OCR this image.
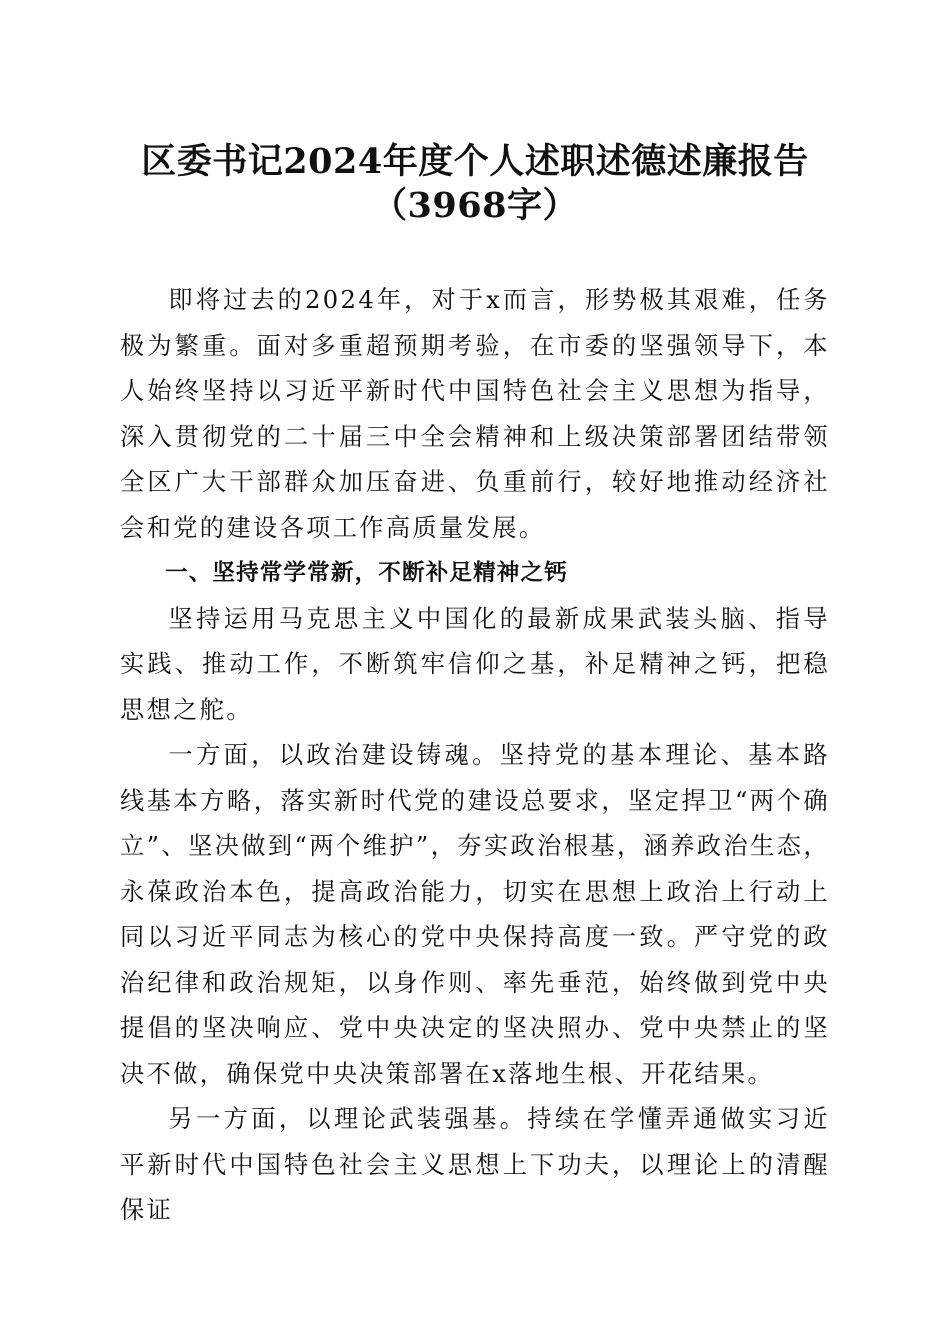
区委书记2024年度个人述职述德述廉报告
（3968字）

即将过去的2024年，对于x而言，形势极其艰难，任务极为繁重。面对多重超预期考验，在市委的坚强领导下，本人始终坚持以习近平新时代中国特色社会主义思想为指导，深入贯彻党的二十届三中全会精神和上级决策部署团结带领全区广大干部群众加压奋进、负重前行，较好地推动经济社会和党的建设各项工作高质量发展。

一、坚持常学常新，不断补足精神之钙

坚持运用马克思主义中国化的最新成果武装头脑、指导实践、推动工作，不断筑牢信仰之基，补足精神之钙，把稳思想之舵。

一方面，以政治建设铸魂。坚持党的基本理论、基本路线基本方略，落实新时代党的建设总要求，坚定捍卫“两个确立”、坚决做到“两个维护”，夯实政治根基，涵养政治生态，永葆政治本色，提高政治能力，切实在思想上政治上行动上同以习近平同志为核心的党中央保持高度一致。严守党的政治纪律和政治规矩，以身作则、率先垂范，始终做到党中央提倡的坚决响应、党中央决定的坚决照办、党中央禁止的坚决不做，确保党中央决策部署在x落地生根、开花结果。

另一方面，以理论武装强基。持续在学懂弄通做实习近平新时代中国特色社会主义思想上下功夫，以理论上的清醒保证
